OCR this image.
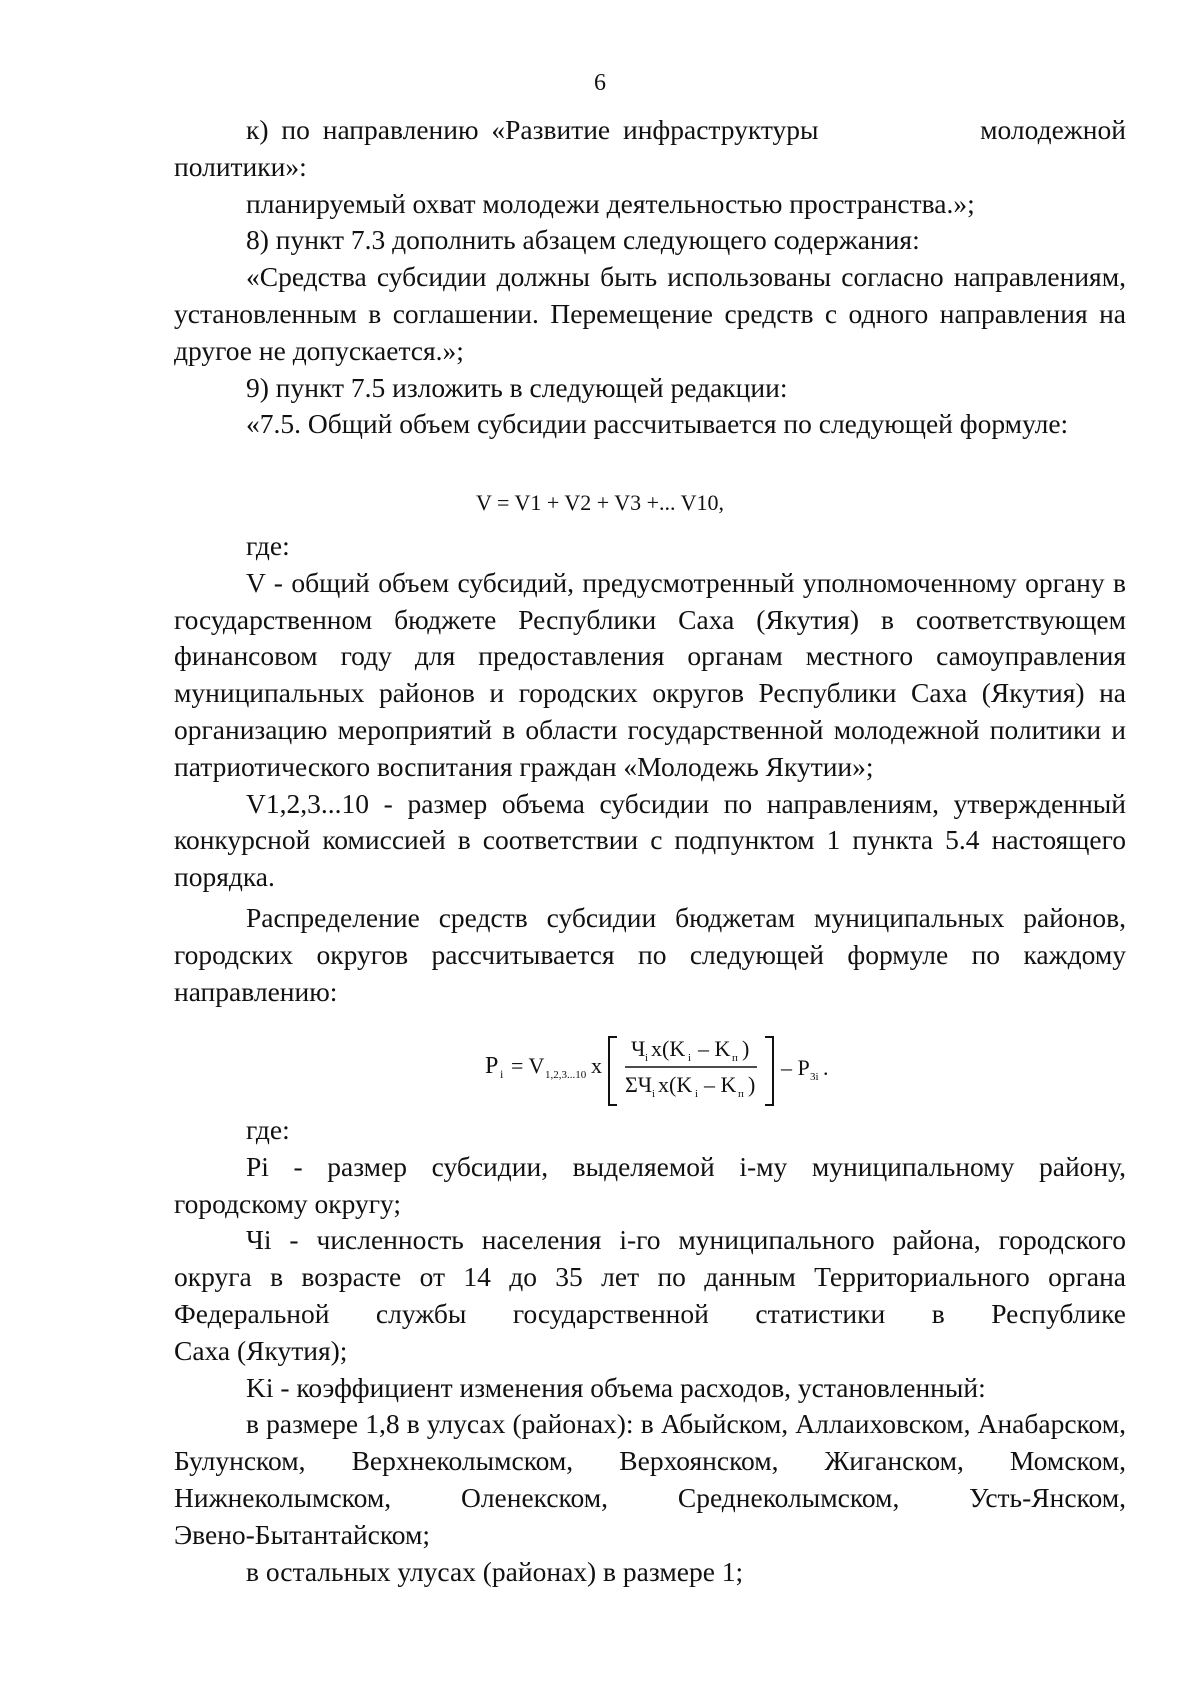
6

к) по направлению «Развитие инфраструктуры	молодежной

политики»:

планируемый охват молодежи деятельностью пространства.»;

8) пункт 7.3 дополнить абзацем следующего содержания:

«Средства субсидии должны быть использованы согласно направлениям, установленным в соглашении. Перемещение средств с одного направления на другое не допускается.»;

9) пункт 7.5 изложить в следующей редакции:

«7.5. Общий объем субсидии рассчитывается по следующей формуле:

V = V1 + V2 + V3 +... V10,

где:

V - общий объем субсидий, предусмотренный уполномоченному органу в государственном бюджете Республики Саха (Якутия) в соответствующем финансовом году для предоставления органам местного самоуправления муниципальных районов и городских округов Республики Саха (Якутия) на организацию мероприятий в области государственной молодежной политики и патриотического воспитания граждан «Молодежь Якутии»;

V1,2,3...10 - размер объема субсидии по направлениям, утвержденный конкурсной комиссией в соответствии с подпунктом 1 пункта 5.4 настоящего порядка.

Распределение средств субсидии бюджетам муниципальных районов, городских округов рассчитывается по следующей формуле по каждому направлению:

P i = V 1,2,3...10 x
Ч i x(K i – K п )
ΣЧ i x(K i – K п )
– P 3i .

где:

Pi - размер субсидии, выделяемой i-му муниципальному району, городскому округу;

Чi - численность населения i-го муниципального района, городского округа в возрасте от 14 до 35 лет по данным Территориального органа Федеральной службы государственной статистики в Республике

Саха (Якутия);

Ki - коэффициент изменения объема расходов, установленный:

в размере 1,8 в улусах (районах): в Абыйском, Аллаиховском, Анабарском, Булунском, Верхнеколымском, Верхоянском, Жиганском, Момском, Нижнеколымском, Оленекском, Среднеколымском, Усть-Янском,

Эвено-Бытантайском;

в остальных улусах (районах) в размере 1;
